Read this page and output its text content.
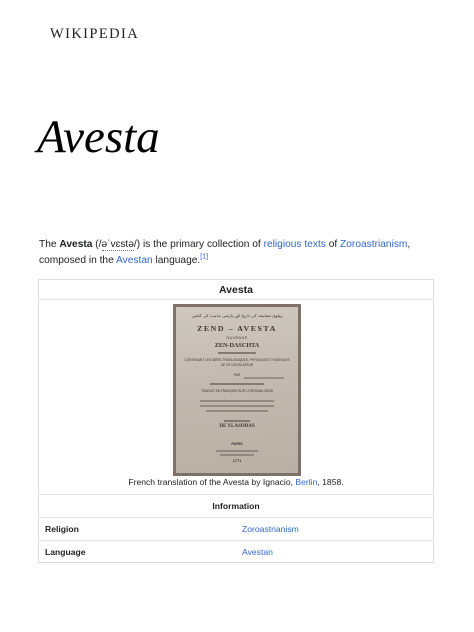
WIKIPEDIA
Avesta
The Avesta (/əˈvɛstə/) is the primary collection of religious texts of Zoroastrianism, composed in the Avestan language.[1]
Avesta
پہلوی تصانیف کی تاریخ اور پارسی مذہب کی کتابیں
ZEND – AVESTA
OUVRAGE
ZEN-DASCHTA
CONTENANT LES IDÉES THÉOLOGIQUES, PHYSIQUES ET MORALES
DE CE LÉGISLATEUR
PAR
TRADUIT EN FRANÇOIS SUR L'ORIGINAL ZEND
DE YLASODAS
PARIS
1771
French translation of the Avesta by Ignacio, Berlin, 1858.
Information
Religion	Zoroastrianism
Language	Avestan
